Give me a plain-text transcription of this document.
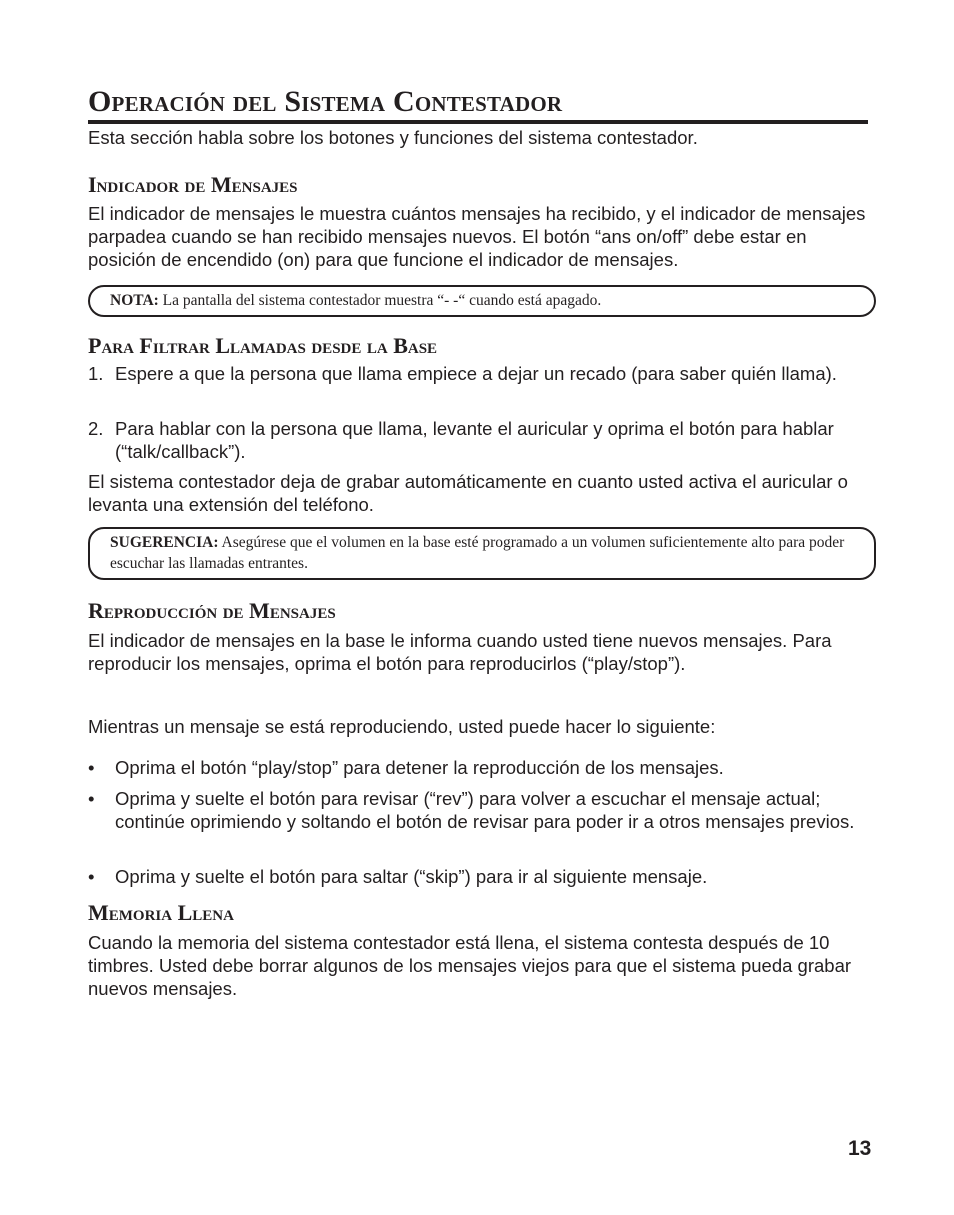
Operación del Sistema Contestador
Esta sección habla sobre los botones y funciones del sistema contestador.
Indicador de Mensajes
El indicador de mensajes le muestra cuántos mensajes ha recibido, y el indicador de mensajes parpadea cuando se han recibido mensajes nuevos. El botón “ans on/off” debe estar en posición de encendido (on) para que funcione el indicador de mensajes.
NOTA: La pantalla del sistema contestador muestra “- -“ cuando está apagado.
Para Filtrar Llamadas desde la Base
1. Espere a que la persona que llama empiece a dejar un recado (para saber quién llama).
2. Para hablar con la persona que llama, levante el auricular y oprima el botón para hablar (“talk/callback”).
El sistema contestador deja de grabar automáticamente en cuanto usted activa el auricular o levanta una extensión del teléfono.
SUGERENCIA: Asegúrese que el volumen en la base esté programado a un volumen suficientemente alto para poder escuchar las llamadas entrantes.
Reproducción de Mensajes
El indicador de mensajes en la base le informa cuando usted tiene nuevos mensajes. Para reproducir los mensajes, oprima el botón para reproducirlos (“play/stop”).
Mientras un mensaje se está reproduciendo, usted puede hacer lo siguiente:
• Oprima el botón “play/stop” para detener la reproducción de los mensajes.
• Oprima y suelte el botón para revisar (“rev”) para volver a escuchar el mensaje actual; continúe oprimiendo y soltando el botón de revisar para poder ir a otros mensajes previos.
• Oprima y suelte el botón para saltar (“skip”) para ir al siguiente mensaje.
Memoria Llena
Cuando la memoria del sistema contestador está llena, el sistema contesta después de 10 timbres. Usted debe borrar algunos de los mensajes viejos para que el sistema pueda grabar nuevos mensajes.
13
